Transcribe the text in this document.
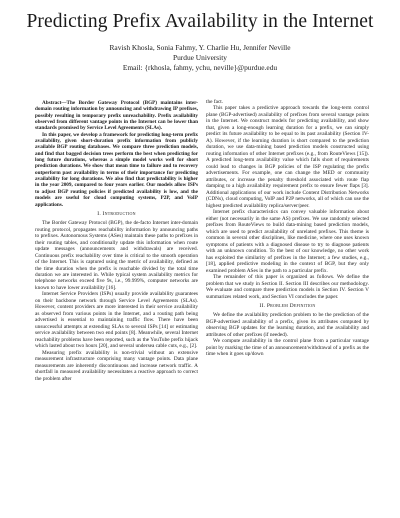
Predicting Prefix Availability in the Internet
Ravish Khosla, Sonia Fahmy, Y. Charlie Hu, Jennifer Neville
Purdue University
Email: {rkhosla, fahmy, ychu, neville}@purdue.edu

Abstract—The Border Gateway Protocol (BGP) maintains inter-domain routing information by announcing and withdrawing IP prefixes, possibly resulting in temporary prefix unreachability. Prefix availability observed from different vantage points in the Internet can be lower than standards promised by Service Level Agreements (SLAs).

In this paper, we develop a framework for predicting long-term prefix availability, given short-duration prefix information from publicly available BGP routing databases. We compare three prediction models, and find that bagged decision trees perform the best when predicting for long future durations, whereas a simple model works well for short prediction durations. We show that mean time to failure and to recovery outperform past availability in terms of their importance for predicting availability for long durations. We also find that predictability is higher in the year 2009, compared to four years earlier. Our models allow ISPs to adjust BGP routing policies if predicted availability is low, and the models are useful for cloud computing systems, P2P, and VoIP applications.

I. Introduction

The Border Gateway Protocol (BGP), the de-facto Internet inter-domain routing protocol, propagates reachability information by announcing paths to prefixes. Autonomous Systems (ASes) maintain these paths to prefixes in their routing tables, and conditionally update this information when route update messages (announcements and withdrawals) are received. Continuous prefix reachability over time is critical to the smooth operation of the Internet. This is captured using the metric of availability, defined as the time duration when the prefix is reachable divided by the total time duration we are interested in. While typical system availability metrics for telephone networks exceed five 9s, i.e., 99.999%, computer networks are known to have lower availability [16].

Internet Service Providers (ISPs) usually provide availability guarantees on their backbone network through Service Level Agreements (SLAs). However, content providers are more interested in their service availability as observed from various points in the Internet, and a routing path being advertised is essential to maintaining traffic flow. There have been unsuccessful attempts at extending SLAs to several ISPs [14] or estimating service availability between two end points [8]. Meanwhile, several Internet reachability problems have been reported, such as the YouTube prefix hijack which lasted about two hours [20], and several undersea cable cuts, e.g., [2].

Measuring prefix availability is non-trivial without an extensive measurement infrastructure comprising many vantage points. Data plane measurements are inherently discontinuous and increase network traffic. A shortfall in measured availability necessitates a reactive approach to correct the problem after

the fact.

This paper takes a predictive approach towards the long-term control plane (BGP-advertised) availability of prefixes from several vantage points in the Internet. We construct models for predicting availability, and show that, given a long-enough learning duration for a prefix, we can simply predict its future availability to be equal to its past availability (Section IV-A). However, if the learning duration is short compared to the prediction duration, we use data-mining based prediction models constructed using routing information of other Internet prefixes (e.g., from RouteViews [15]). A predicted long-term availability value which falls short of requirements could lead to changes in BGP policies of the ISP regulating the prefix advertisements. For example, one can change the MED or community attributes, or increase the penalty threshold associated with route flap damping to a high availability requirement prefix to ensure fewer flaps [3]. Additional applications of our work include Content Distribution Networks (CDNs), cloud computing, VoIP and P2P networks, all of which can use the highest predicted availability replica/server/peer.

Internet prefix characteristics can convey valuable information about either (not necessarily in the same AS) prefixes. We use randomly selected prefixes from RouteViews to build data-mining based prediction models, which are used to predict availability of unrelated prefixes. This theme is common in several other disciplines, like medicine, where one uses known symptoms of patients with a diagnosed disease to try to diagnose patients with an unknown condition. To the best of our knowledge, no other work has exploited the similarity of prefixes in the Internet; a few studies, e.g., [18], applied predictive modeling in the context of BGP, but they only examined problem ASes in the path to a particular prefix.

The remainder of this paper is organized as follows. We define the problem that we study in Section II. Section III describes our methodology. We evaluate and compare three prediction models in Section IV. Section V summarizes related work, and Section VI concludes the paper.

II. Problem Definition

We define the availability prediction problem to be the prediction of the BGP-advertised availability of a prefix, given its attributes computed by observing BGP updates for the learning duration, and the availability and attributes of other prefixes (if needed).

We compute availability in the control plane from a particular vantage point by marking the time of an announcement/withdrawal of a prefix as the time when it goes up/down
